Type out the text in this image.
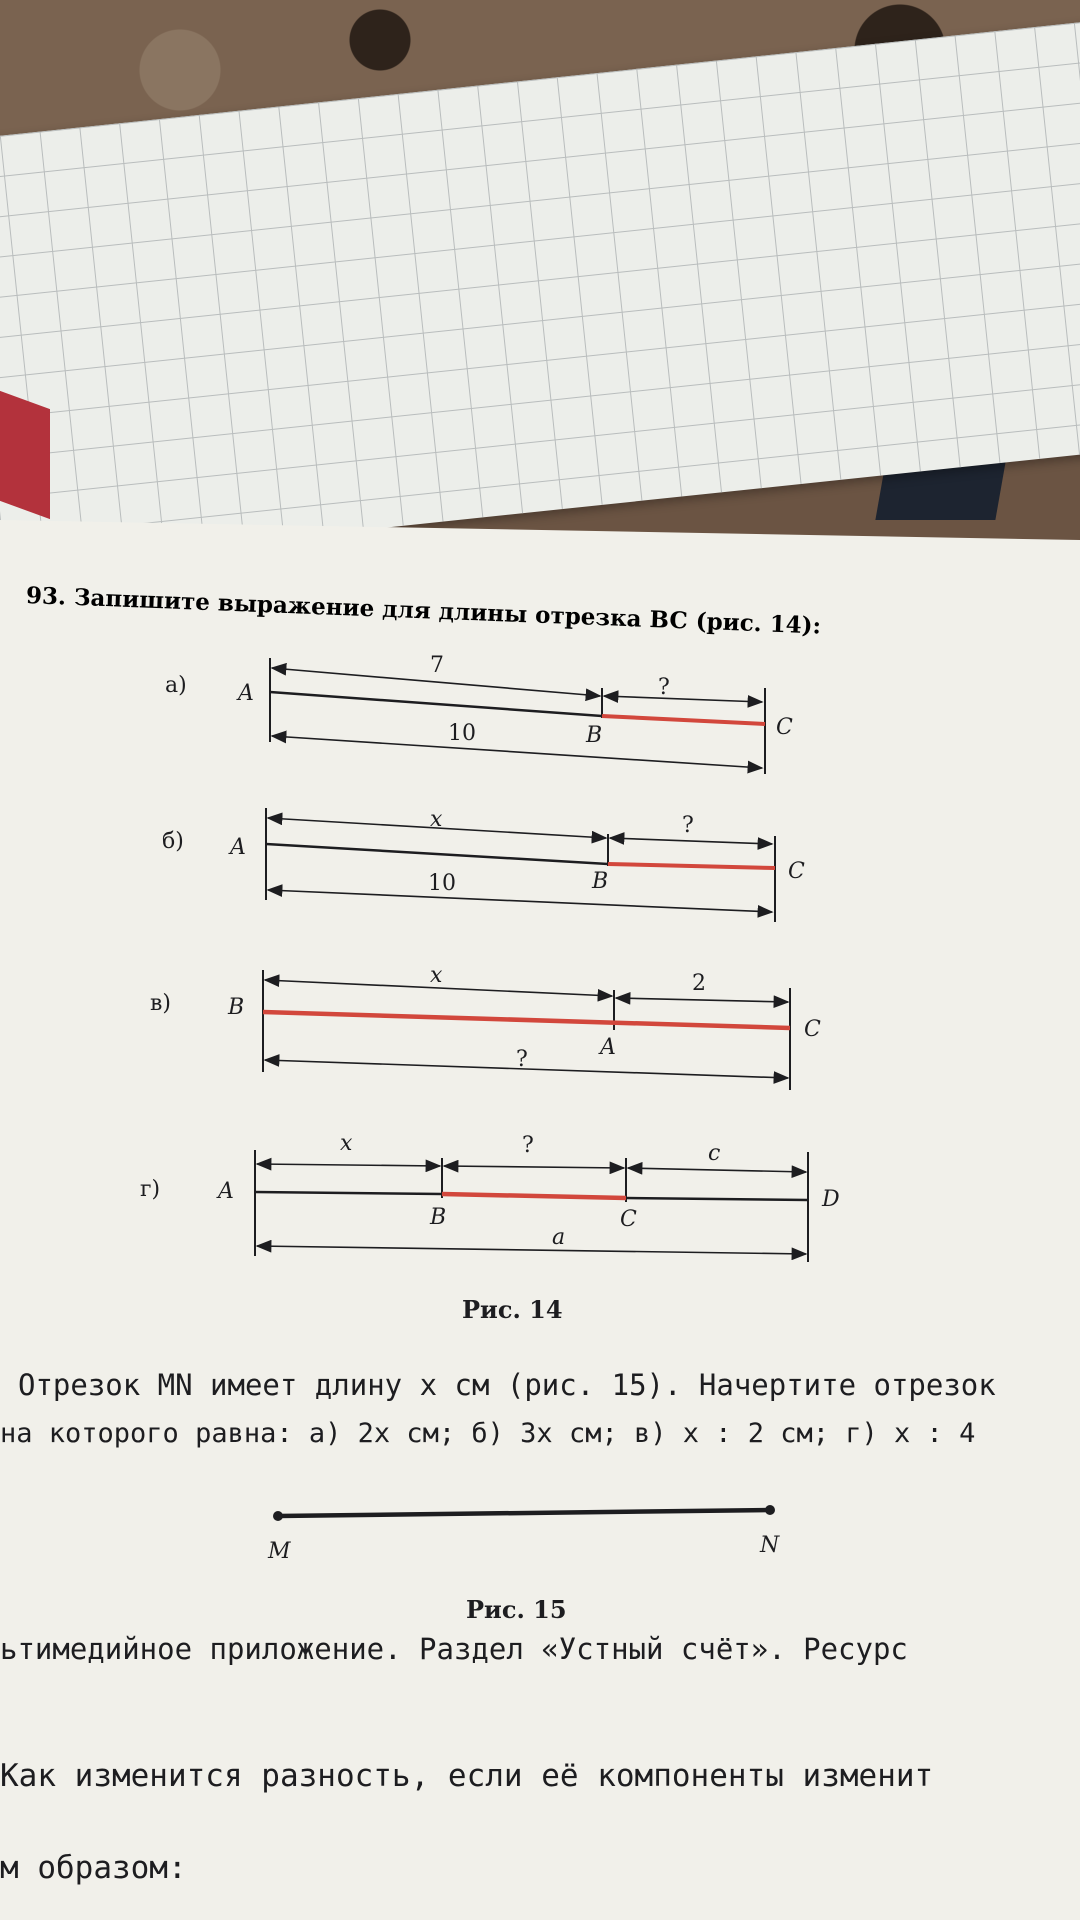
93. Запишите выражение для длины отрезка BC (рис. 14):
а) A
B	C
7
?
10
б) A
B	C
x	?
10
в)	B
A
C
x	2
?
г)	A
B	C
D
x	?	c
a
Рис. 14
M	N
Рис. 15
Отрезок MN имеет длину x см (рис. 15). Начертите отрезок
на которого равна: а) 2x см; б) 3x см; в) x : 2 см; г) x : 4
ьтимедийное приложение. Раздел «Устный счёт». Ресурс
Как изменится разность, если её компоненты изменит
м образом:
